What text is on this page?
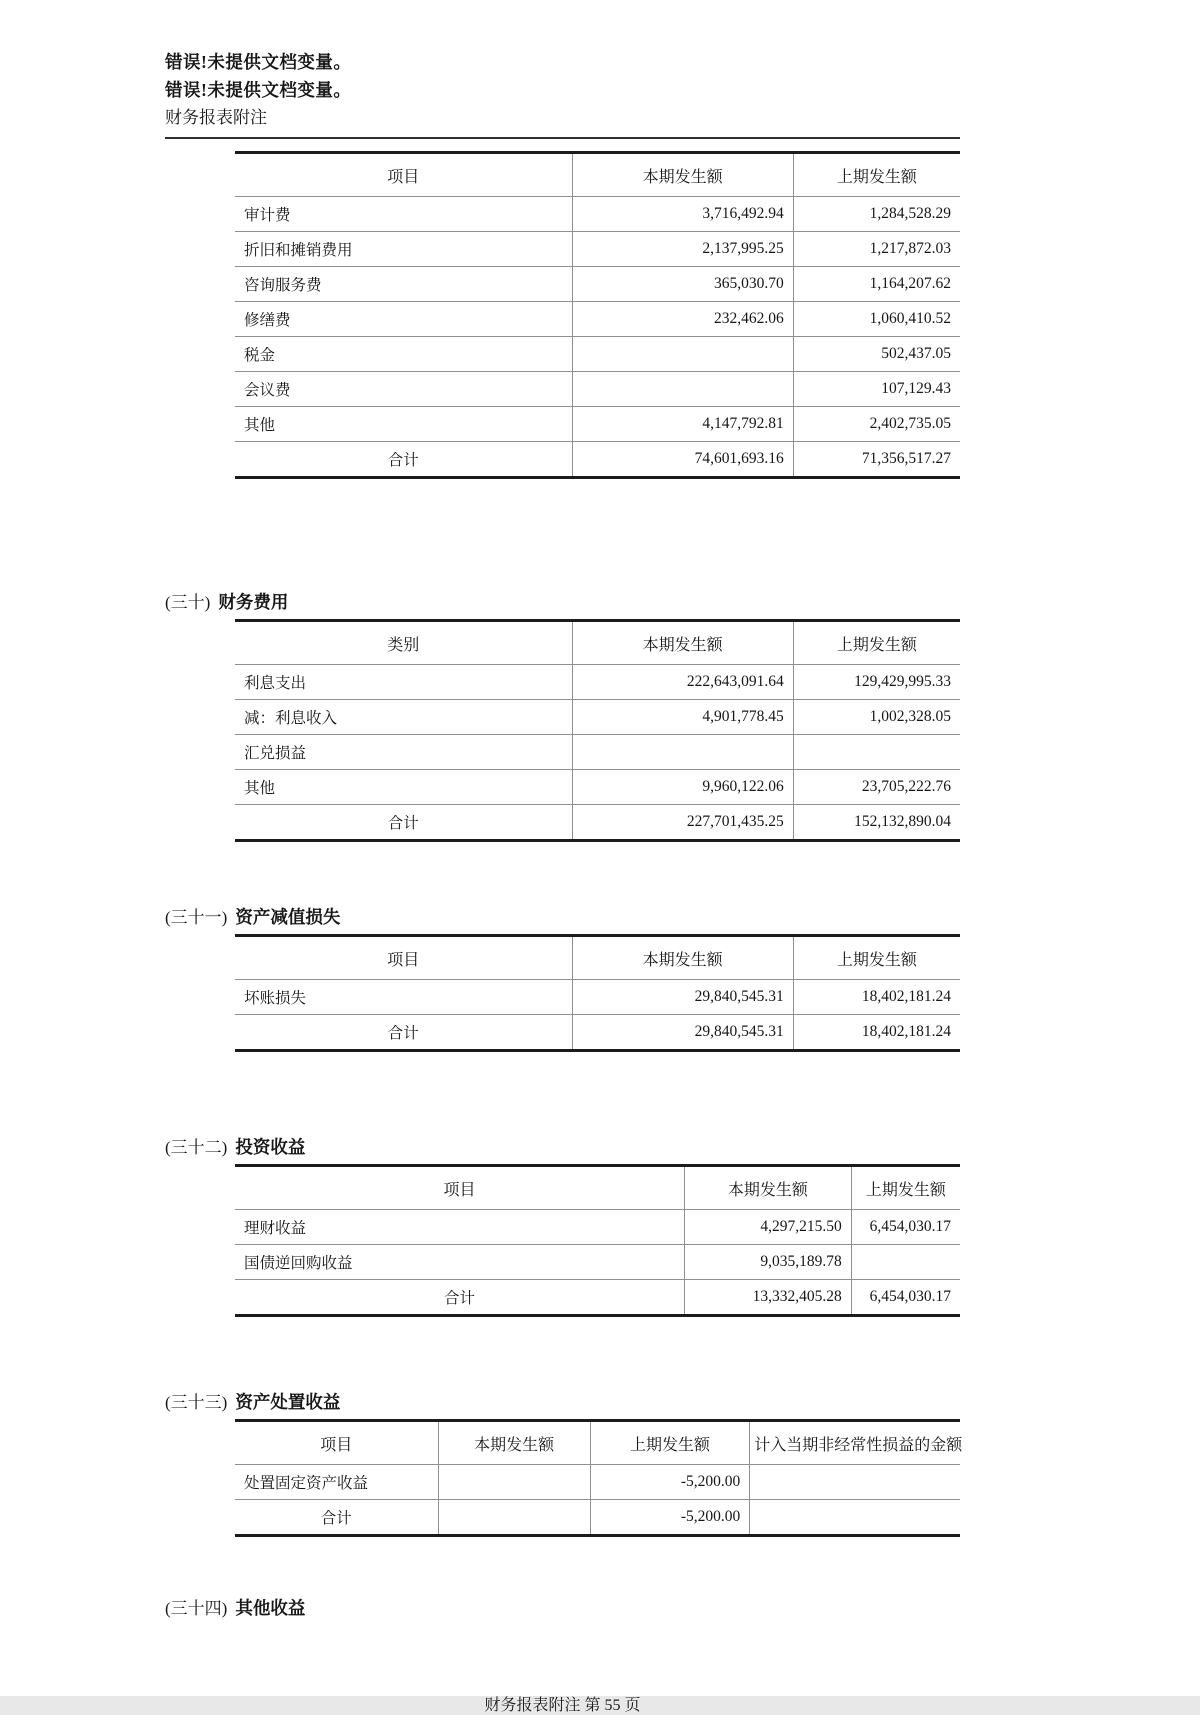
错误!未提供文档变量。
错误!未提供文档变量。
财务报表附注
项目	本期发生额	上期发生额
审计费	3,716,492.94	1,284,528.29
折旧和摊销费用	2,137,995.25	1,217,872.03
咨询服务费	365,030.70	1,164,207.62
修缮费	232,462.06	1,060,410.52
税金		502,437.05
会议费		107,129.43
其他	4,147,792.81	2,402,735.05
合计	74,601,693.16	71,356,517.27
(三十) 财务费用
类别	本期发生额	上期发生额
利息支出	222,643,091.64	129,429,995.33
减：利息收入	4,901,778.45	1,002,328.05
汇兑损益		
其他	9,960,122.06	23,705,222.76
合计	227,701,435.25	152,132,890.04
(三十一) 资产减值损失
项目	本期发生额	上期发生额
坏账损失	29,840,545.31	18,402,181.24
合计	29,840,545.31	18,402,181.24
(三十二) 投资收益
项目	本期发生额	上期发生额
理财收益	4,297,215.50	6,454,030.17
国债逆回购收益	9,035,189.78	
合计	13,332,405.28	6,454,030.17
(三十三) 资产处置收益
项目	本期发生额	上期发生额	计入当期非经常性损益的金额
处置固定资产收益		-5,200.00	
合计		-5,200.00	
(三十四) 其他收益
财务报表附注 第 55 页
